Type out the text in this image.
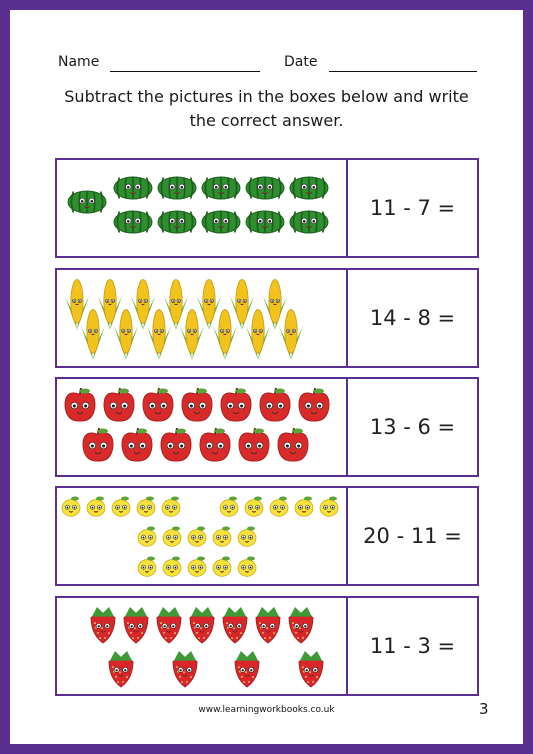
Name	Date
Subtract the pictures in the boxes below and write
the correct answer.
11 - 7 =
14 - 8 =
13 - 6 =
20 - 11 =
11 - 3 =
www.learningworkbooks.co.uk	3
